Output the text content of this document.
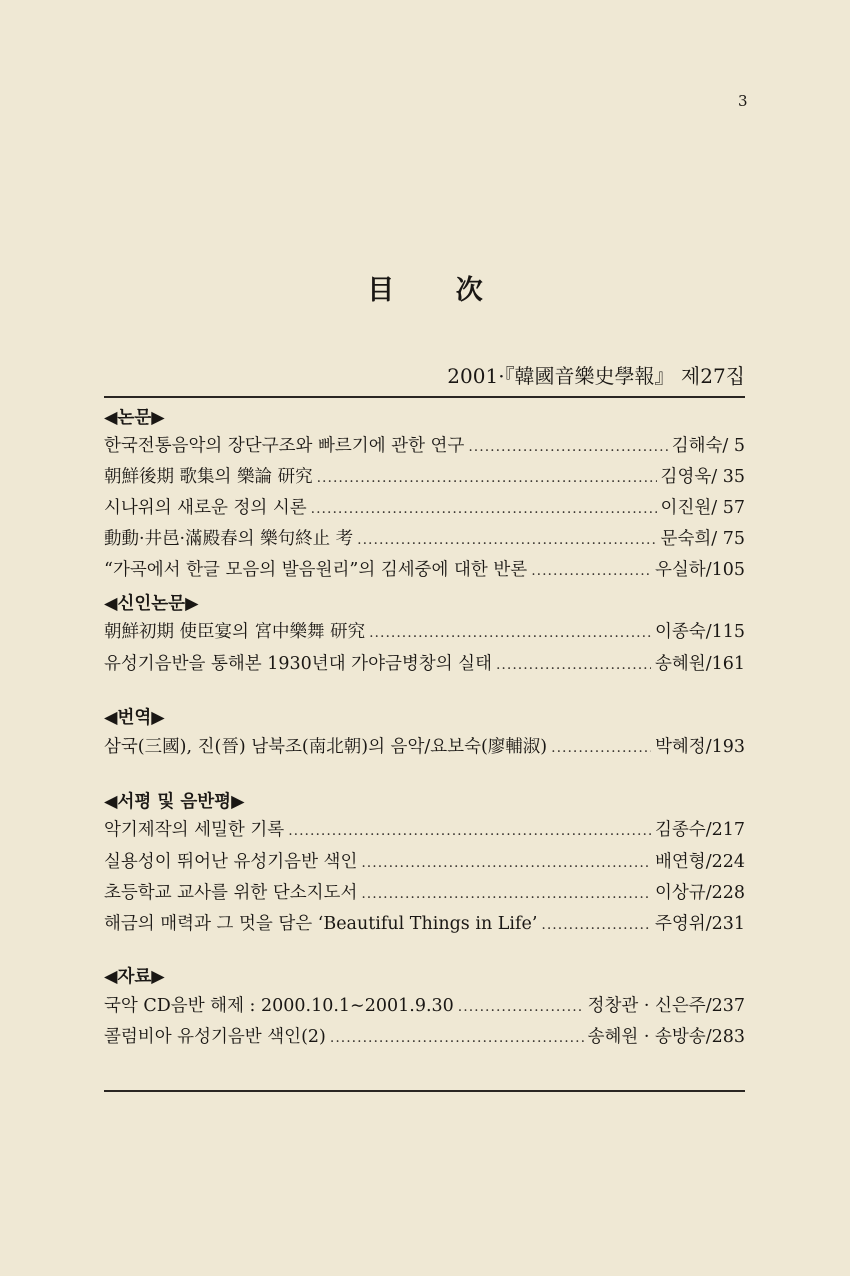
3
目 次
2001·『韓國音樂史學報』 제27집
◀논문▶
한국전통음악의 장단구조와 빠르기에 관한 연구 .....	김해숙/ 5
朝鮮後期 歌集의 樂論 研究 .....	김영욱/ 35
시나위의 새로운 정의 시론 .....	이진원/ 57
動動·井邑·滿殿春의 樂句終止 考 .....	문숙희/ 75
“가곡에서 한글 모음의 발음원리”의 김세중에 대한 반론 .....	우실하/105
◀신인논문▶
朝鮮初期 使臣宴의 宮中樂舞 研究 .....	이종숙/115
유성기음반을 통해본 1930년대 가야금병창의 실태 .....	송혜원/161
◀번역▶
삼국(三國), 진(晉) 남북조(南北朝)의 음악/요보숙(廖輔淑) .....	박혜정/193
◀서평 및 음반평▶
악기제작의 세밀한 기록 .....	김종수/217
실용성이 뛰어난 유성기음반 색인 .....	배연형/224
초등학교 교사를 위한 단소지도서 .....	이상규/228
해금의 매력과 그 멋을 담은 ‘Beautiful Things in Life’ .....	주영위/231
◀자료▶
국악 CD음반 해제 : 2000.10.1∼2001.9.30 .....	정창관 · 신은주/237
콜럼비아 유성기음반 색인(2) .....	송혜원 · 송방송/283
